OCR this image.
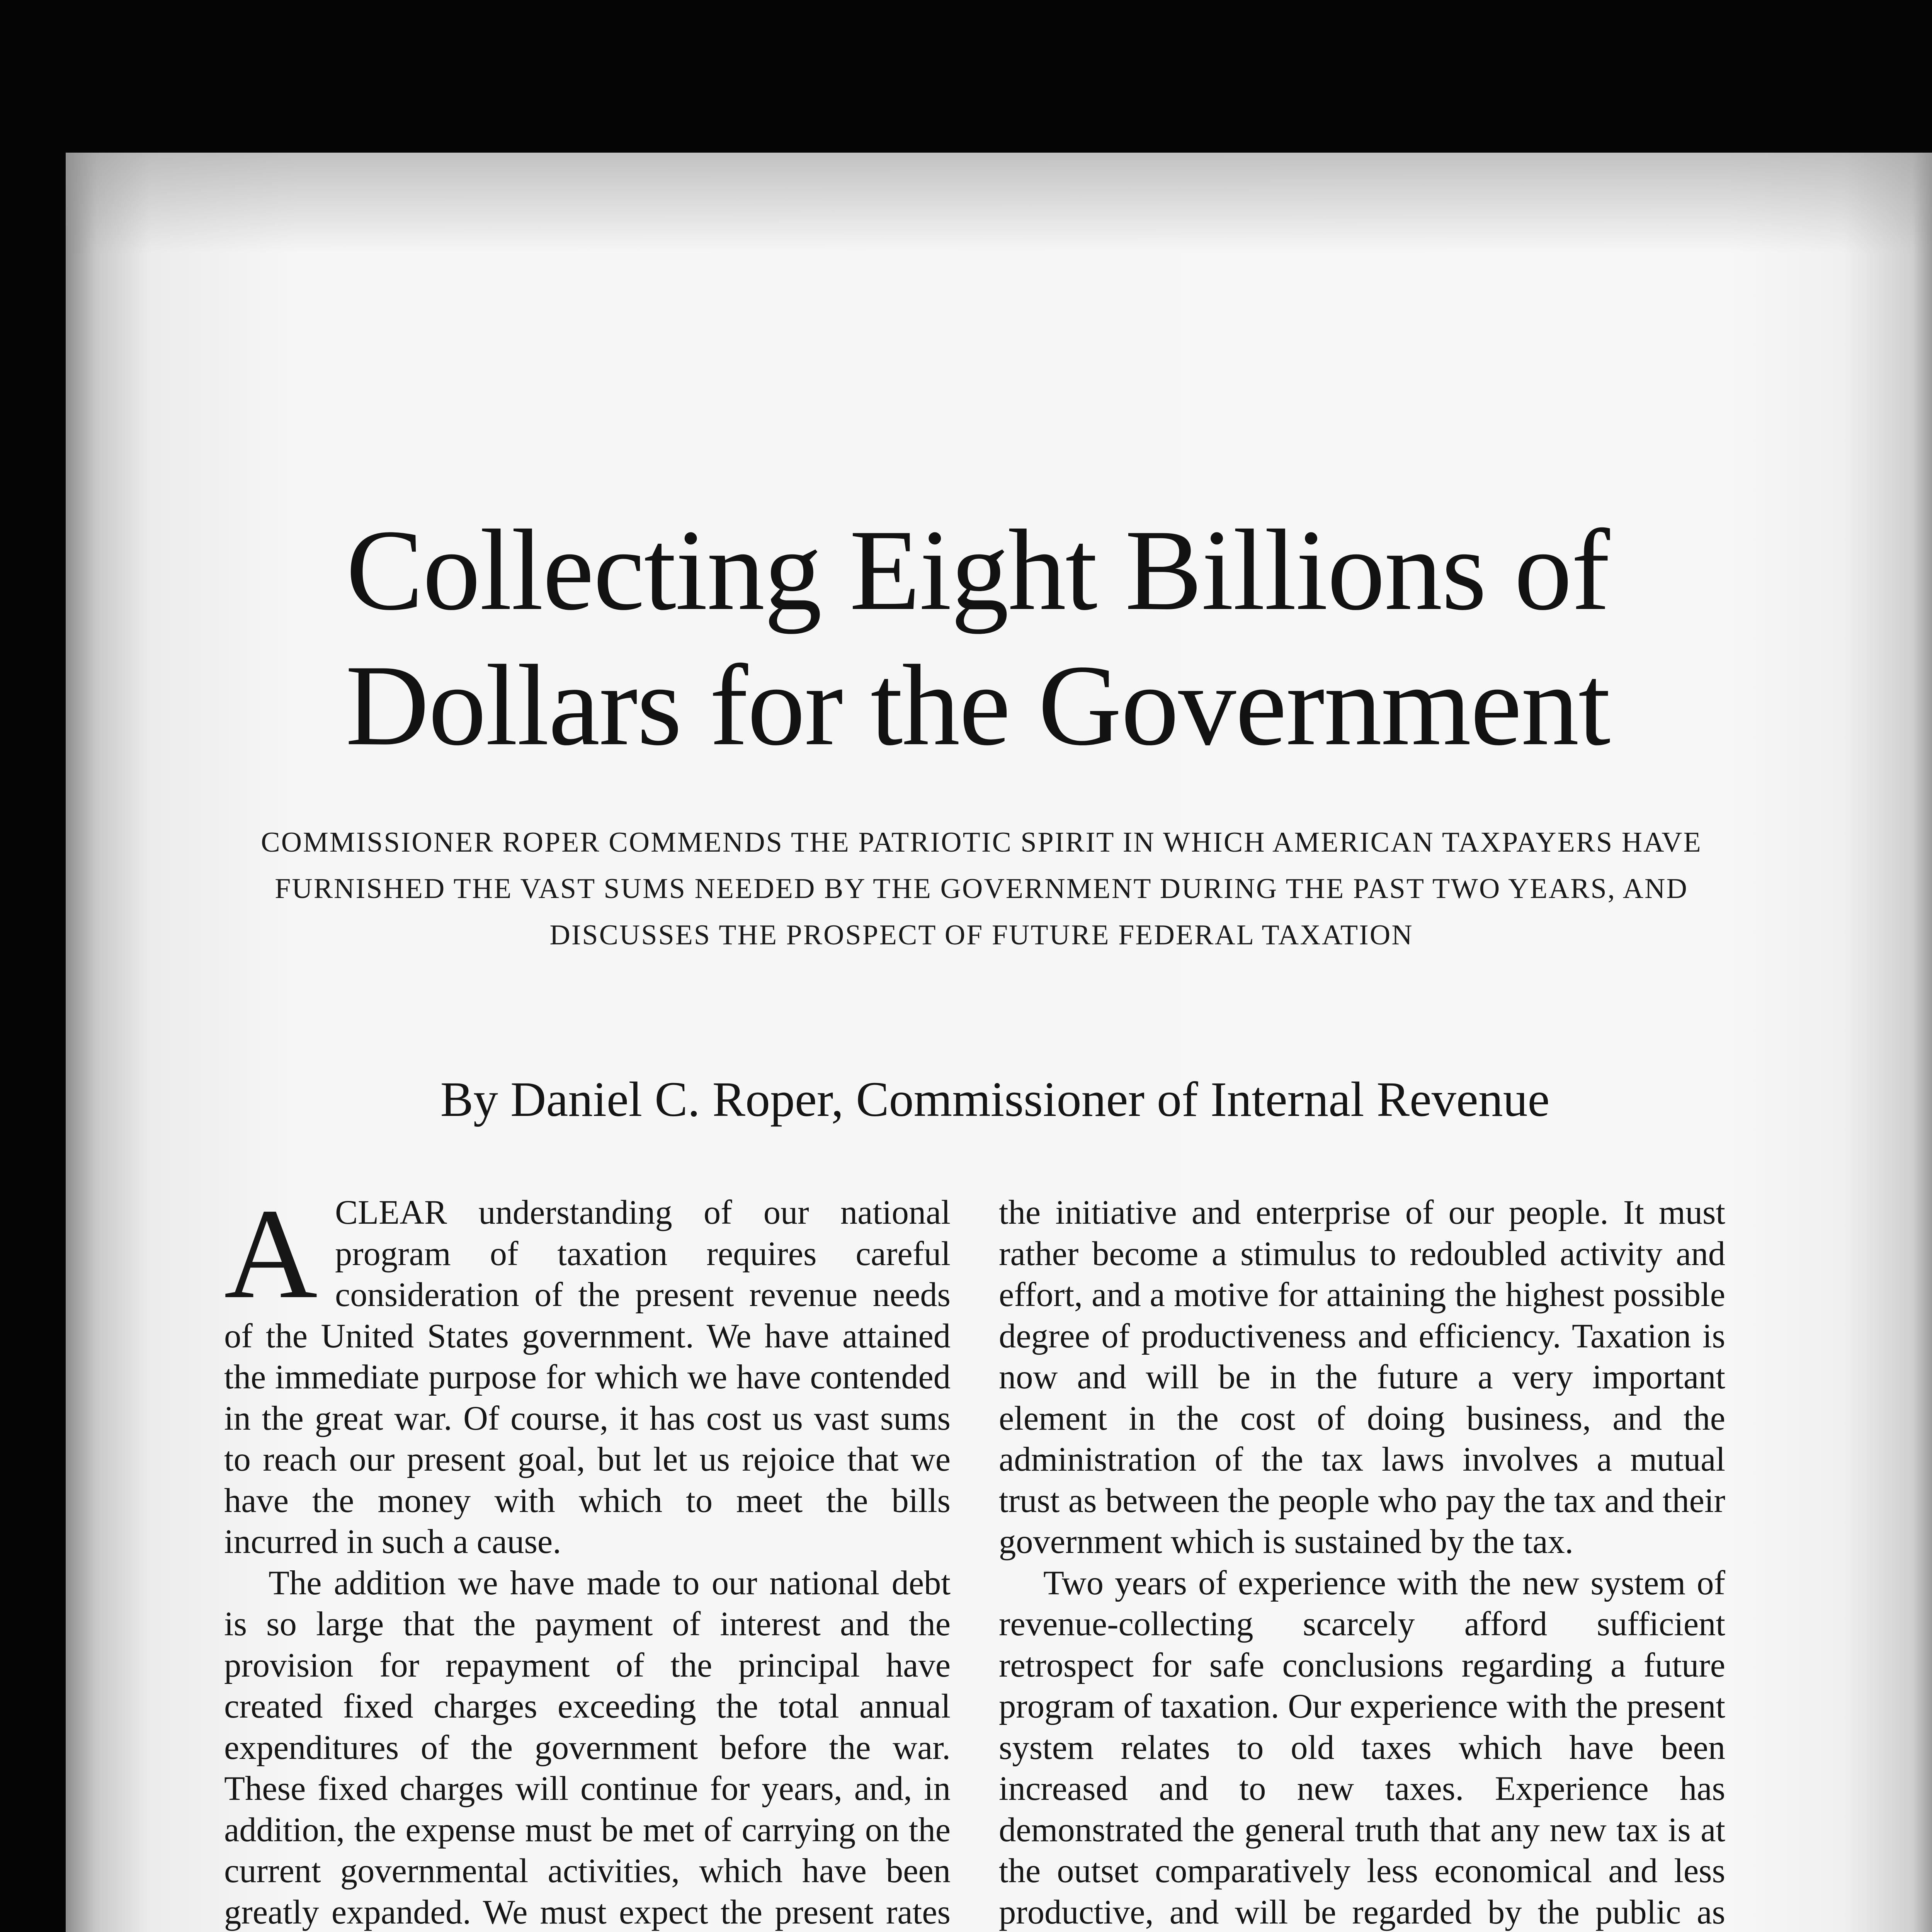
Collecting Eight Billions of Dollars for the Government

COMMISSIONER ROPER COMMENDS THE PATRIOTIC SPIRIT IN WHICH AMERICAN TAXPAYERS HAVE FURNISHED THE VAST SUMS NEEDED BY THE GOVERNMENT DURING THE PAST TWO YEARS, AND DISCUSSES THE PROSPECT OF FUTURE FEDERAL TAXATION

By Daniel C. Roper, Commissioner of Internal Revenue

ACLEAR understanding of our national program of taxation requires careful consideration of the present revenue needs of the United States government. We have attained the immediate purpose for which we have contended in the great war. Of course, it has cost us vast sums to reach our present goal, but let us rejoice that we have the money with which to meet the bills incurred in such a cause.

The addition we have made to our national debt is so large that the payment of interest and the provision for repayment of the principal have created fixed charges exceeding the total annual expenditures of the government before the war. These fixed charges will continue for years, and, in addition, the expense must be met of carrying on the current governmental activities, which have been greatly expanded. We must expect the present rates

the initiative and enterprise of our people. It must rather become a stimulus to redoubled activity and effort, and a motive for attaining the highest possible degree of productiveness and efficiency. Taxation is now and will be in the future a very important element in the cost of doing business, and the administration of the tax laws involves a mutual trust as between the people who pay the tax and their government which is sustained by the tax.

Two years of experience with the new system of revenue-collecting scarcely afford sufficient retrospect for safe conclusions regarding a future program of taxation. Our experience with the present system relates to old taxes which have been increased and to new taxes. Experience has demonstrated the general truth that any new tax is at the outset comparatively less economical and less productive, and will be regarded by the public as
